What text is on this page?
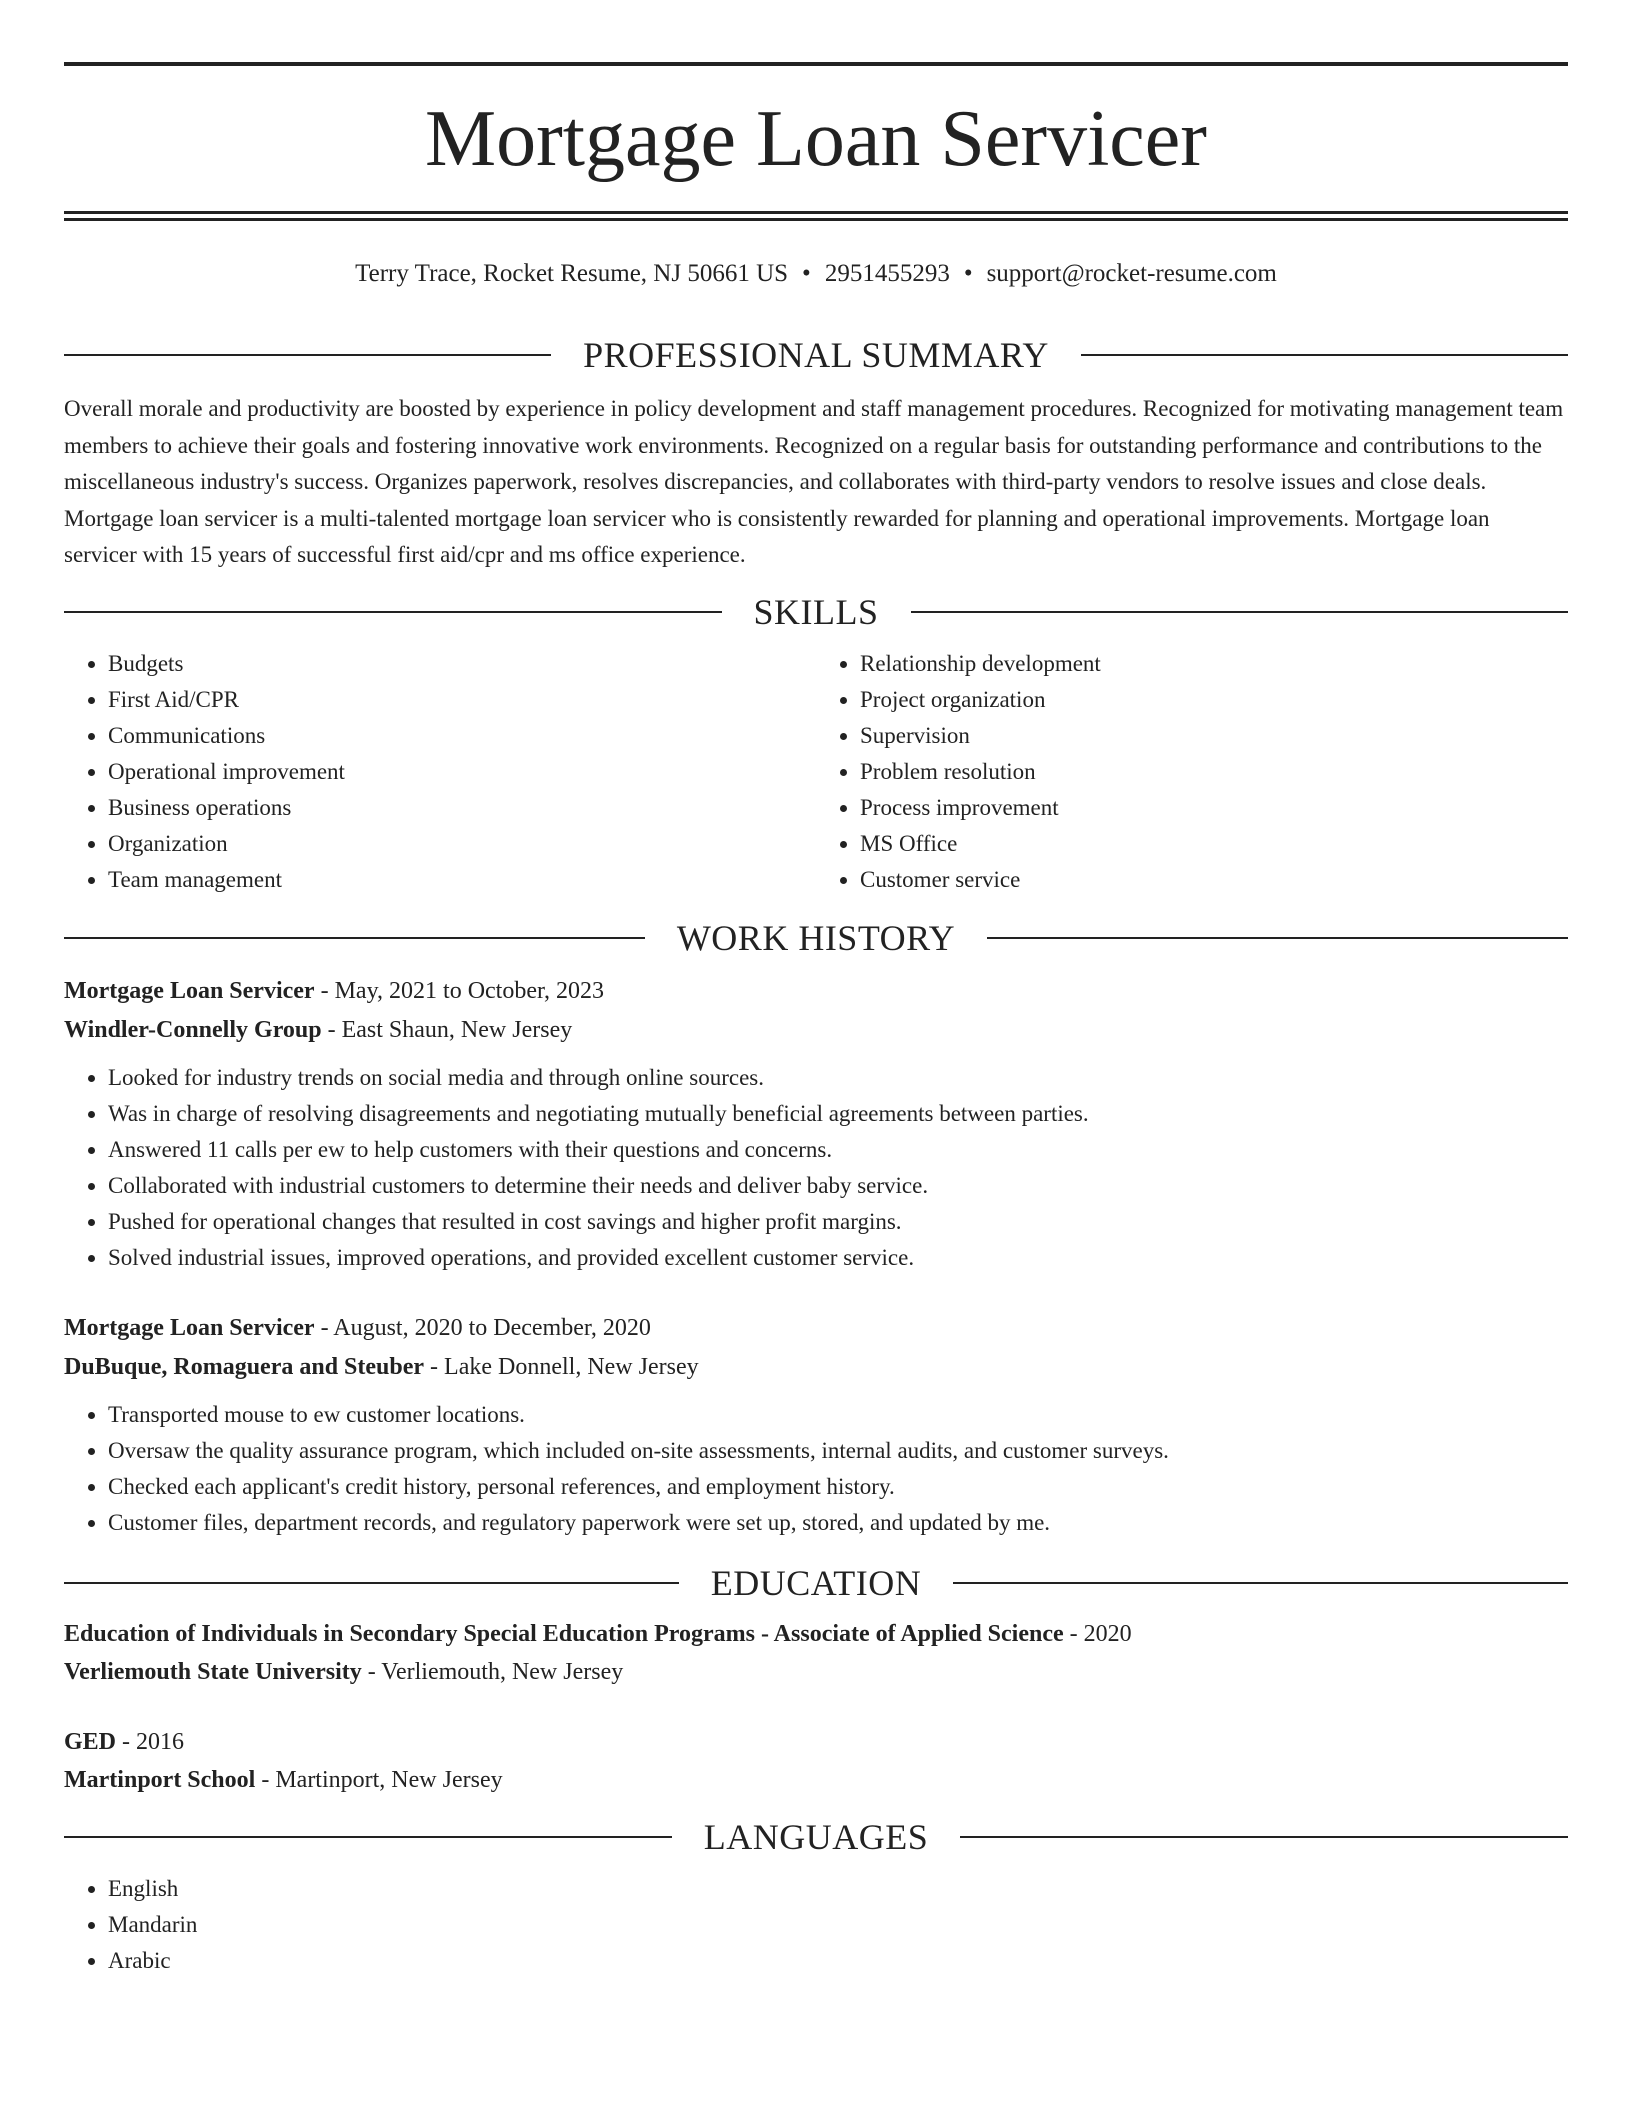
Mortgage Loan Servicer
Terry Trace, Rocket Resume, NJ 50661 US • 2951455293 • support@rocket-resume.com
PROFESSIONAL SUMMARY

Overall morale and productivity are boosted by experience in policy development and staff management procedures. Recognized for motivating management team members to achieve their goals and fostering innovative work environments. Recognized on a regular basis for outstanding performance and contributions to the miscellaneous industry's success. Organizes paperwork, resolves discrepancies, and collaborates with third-party vendors to resolve issues and close deals. Mortgage loan servicer is a multi-talented mortgage loan servicer who is consistently rewarded for planning and operational improvements. Mortgage loan servicer with 15 years of successful first aid/cpr and ms office experience.

SKILLS
• Budgets
• First Aid/CPR
• Communications
• Operational improvement
• Business operations
• Organization
• Team management
• Relationship development
• Project organization
• Supervision
• Problem resolution
• Process improvement
• MS Office
• Customer service
WORK HISTORY
Mortgage Loan Servicer - May, 2021 to October, 2023
Windler-Connelly Group - East Shaun, New Jersey
• Looked for industry trends on social media and through online sources.
• Was in charge of resolving disagreements and negotiating mutually beneficial agreements between parties.
• Answered 11 calls per ew to help customers with their questions and concerns.
• Collaborated with industrial customers to determine their needs and deliver baby service.
• Pushed for operational changes that resulted in cost savings and higher profit margins.
• Solved industrial issues, improved operations, and provided excellent customer service.
Mortgage Loan Servicer - August, 2020 to December, 2020
DuBuque, Romaguera and Steuber - Lake Donnell, New Jersey
• Transported mouse to ew customer locations.
• Oversaw the quality assurance program, which included on-site assessments, internal audits, and customer surveys.
• Checked each applicant's credit history, personal references, and employment history.
• Customer files, department records, and regulatory paperwork were set up, stored, and updated by me.
EDUCATION
Education of Individuals in Secondary Special Education Programs - Associate of Applied Science - 2020
Verliemouth State University - Verliemouth, New Jersey
GED - 2016
Martinport School - Martinport, New Jersey
LANGUAGES
• English
• Mandarin
• Arabic
